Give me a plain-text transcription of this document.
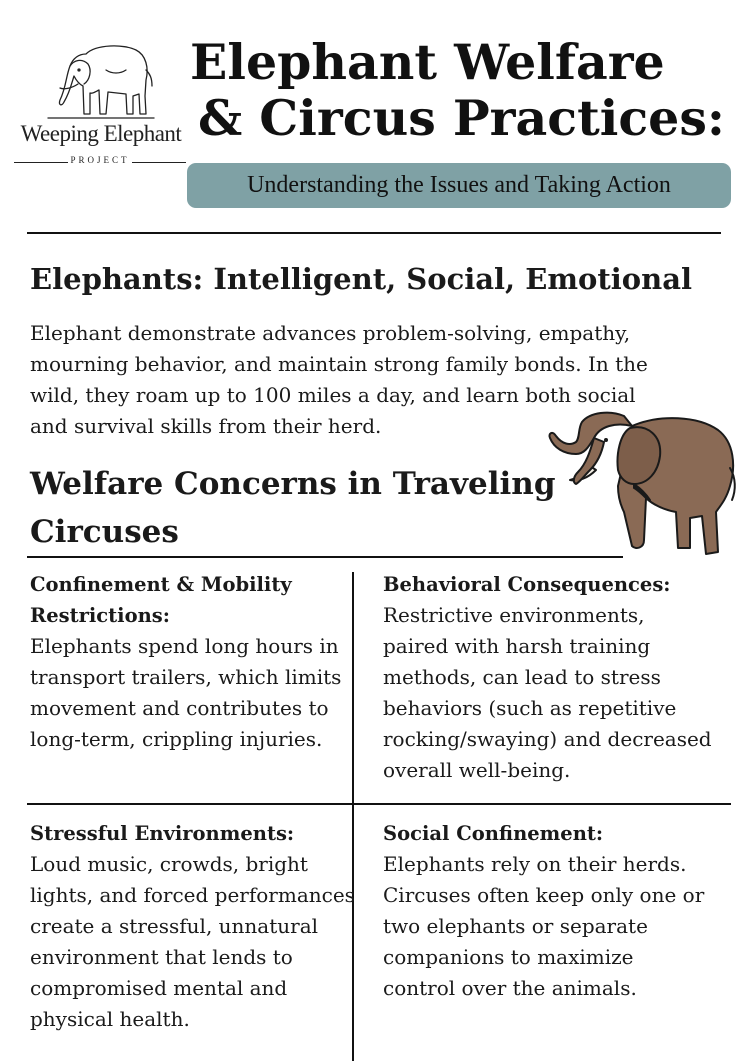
Weeping Elephant
PROJECT
Elephant Welfare
& Circus Practices:
Understanding the Issues and Taking Action
Elephants: Intelligent, Social, Emotional
Elephant demonstrate advances problem-solving, empathy,
mourning behavior, and maintain strong family bonds. In the
wild, they roam up to 100 miles a day, and learn both social
and survival skills from their herd.
Welfare Concerns in Traveling
Circuses
Confinement & Mobility
Restrictions:
Elephants spend long hours in
transport trailers, which limits
movement and contributes to
long-term, crippling injuries.
Behavioral Consequences:
Restrictive environments,
paired with harsh training
methods, can lead to stress
behaviors (such as repetitive
rocking/swaying) and decreased
overall well-being.
Stressful Environments:
Loud music, crowds, bright
lights, and forced performances
create a stressful, unnatural
environment that lends to
compromised mental and
physical health.
Social Confinement:
Elephants rely on their herds.
Circuses often keep only one or
two elephants or separate
companions to maximize
control over the animals.
